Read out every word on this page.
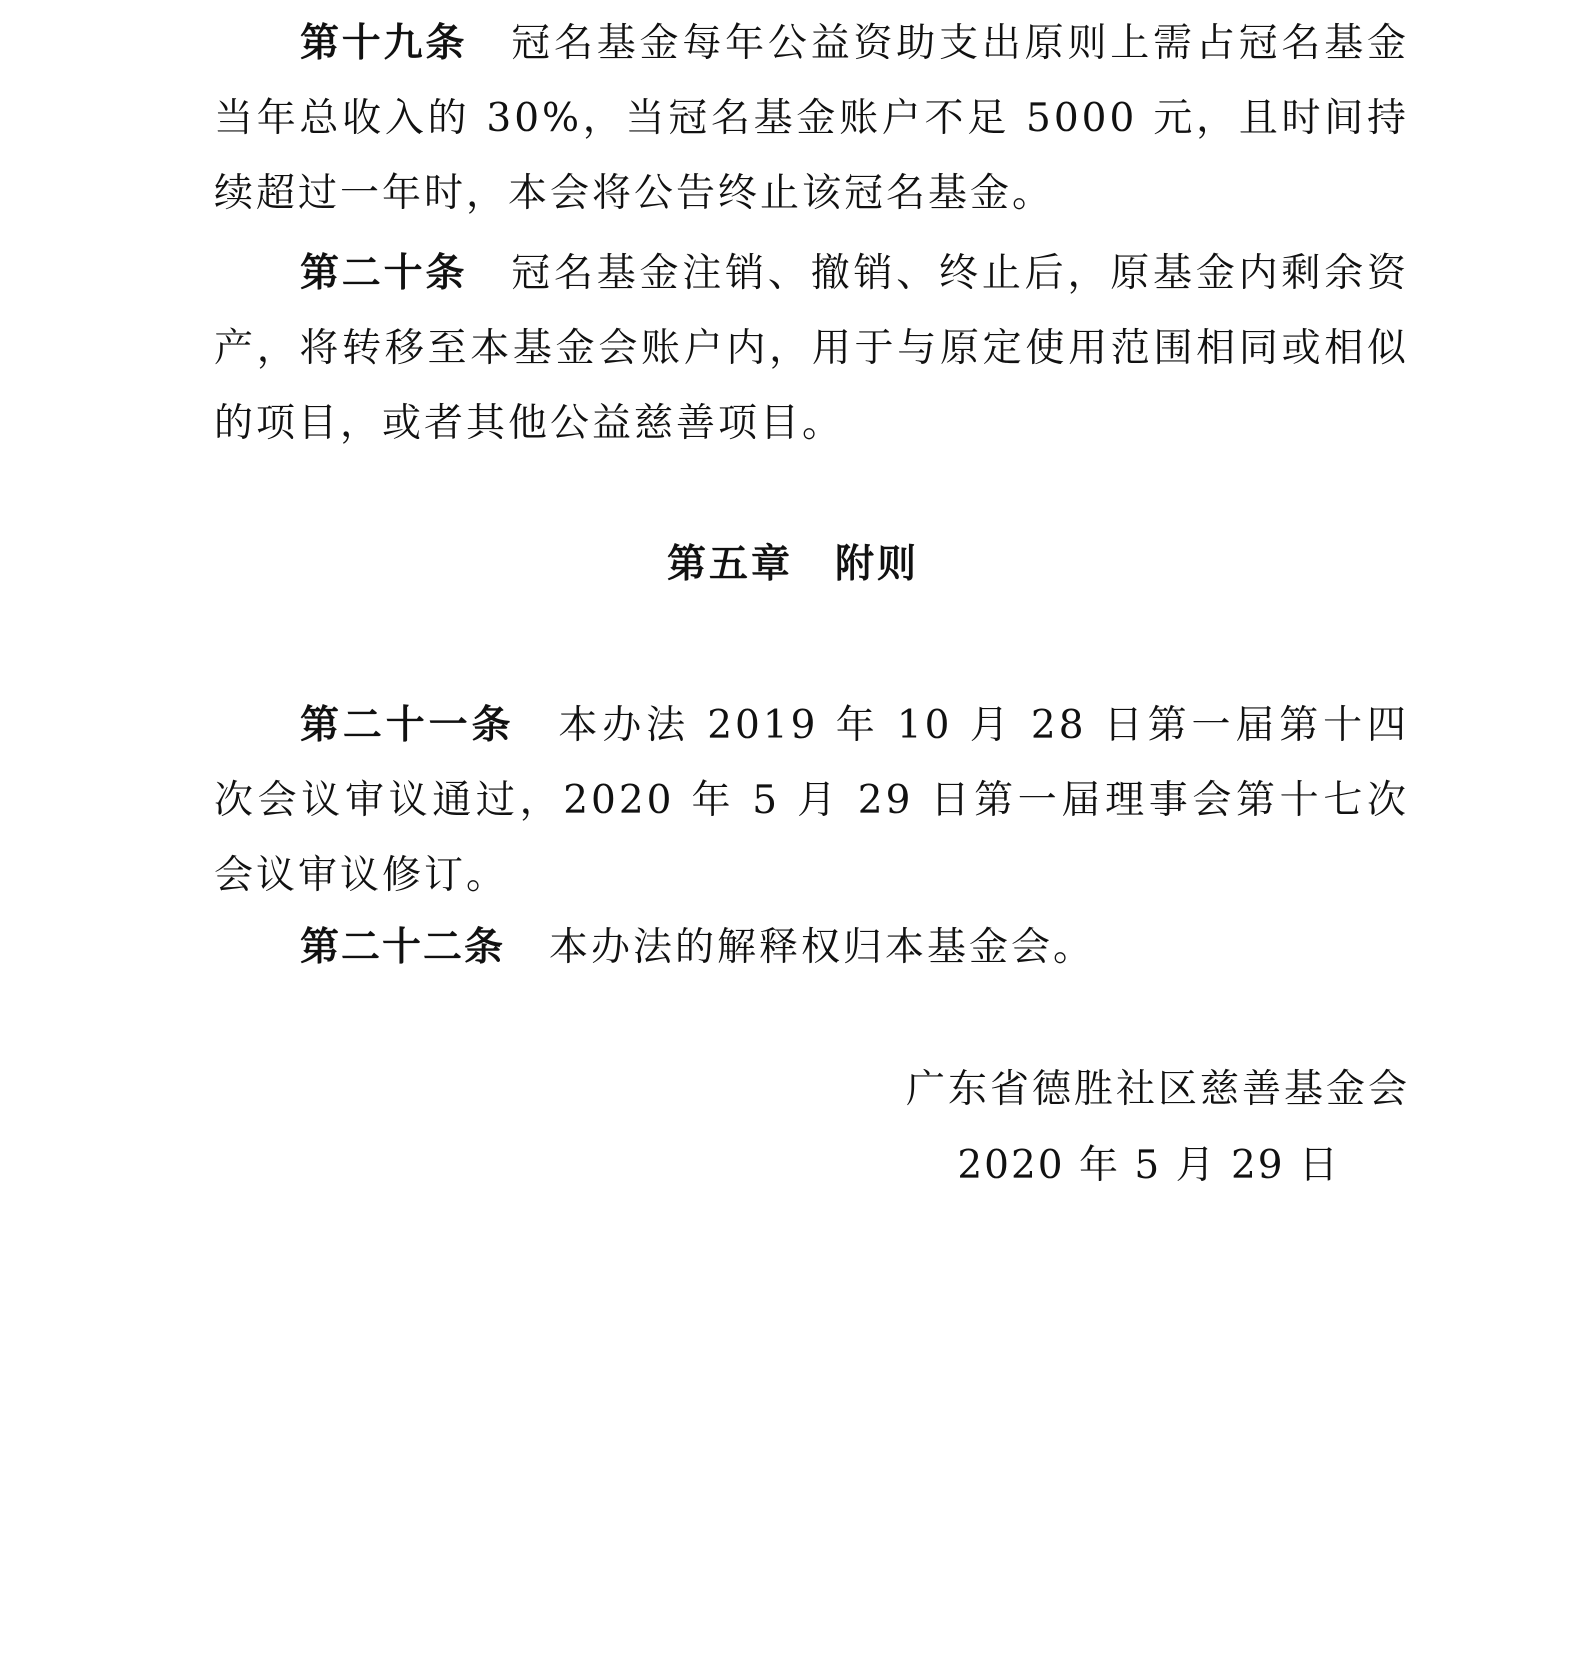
第十九条 冠名基金每年公益资助支出原则上需占冠名基金当年总收入的 30%，当冠名基金账户不足 5000 元，且时间持续超过一年时，本会将公告终止该冠名基金。

第二十条 冠名基金注销、撤销、终止后，原基金内剩余资产，将转移至本基金会账户内，用于与原定使用范围相同或相似的项目，或者其他公益慈善项目。

第五章　附则

第二十一条 本办法 2019 年 10 月 28 日第一届第十四次会议审议通过，2020 年 5 月 29 日第一届理事会第十七次会议审议修订。

第二十二条 本办法的解释权归本基金会。

广东省德胜社区慈善基金会
2020 年 5 月 29 日
